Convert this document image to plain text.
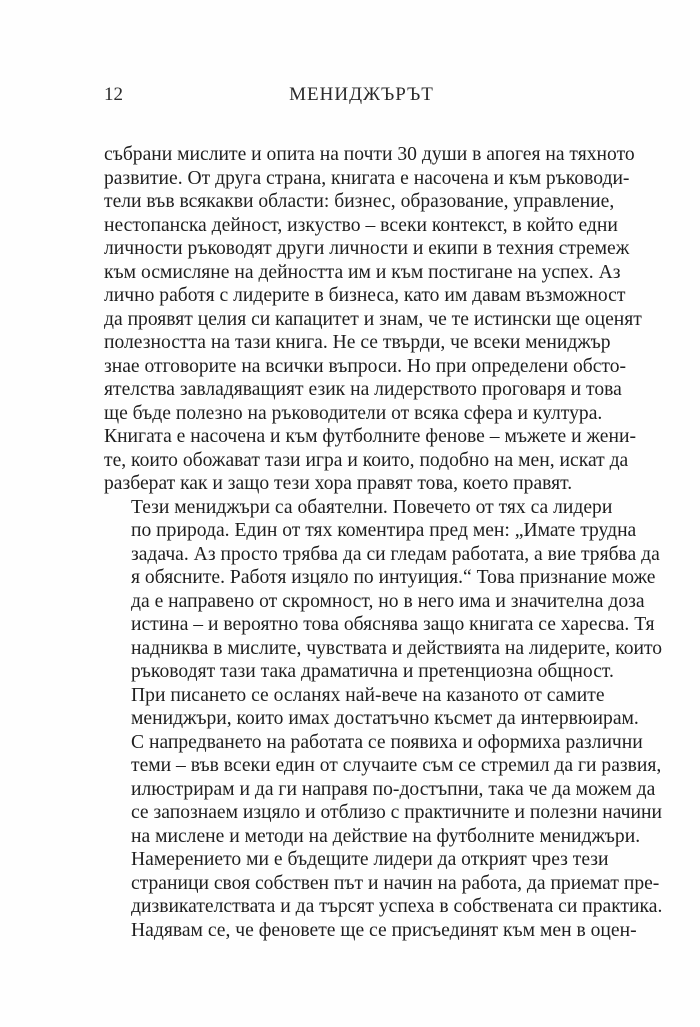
12	МЕНИДЖЪРЪТ

събрани мислите и опита на почти 30 души в апогея на тяхното
развитие. От друга страна, книгата е насочена и към ръководи-
тели във всякакви области: бизнес, образование, управление,
нестопанска дейност, изкуство – всеки контекст, в който едни
личности ръководят други личности и екипи в техния стремеж
към осмисляне на дейността им и към постигане на успех. Аз
лично работя с лидерите в бизнеса, като им давам възможност
да проявят целия си капацитет и знам, че те истински ще оценят
полезността на тази книга. Не се твърди, че всеки мениджър
знае отговорите на всички въпроси. Но при определени обсто-
ятелства завладяващият език на лидерството проговаря и това
ще бъде полезно на ръководители от всяка сфера и култура.
Книгата е насочена и към футболните фенове – мъжете и жени-
те, които обожават тази игра и които, подобно на мен, искат да
разберат как и защо тези хора правят това, което правят.

Тези мениджъри са обаятелни. Повечето от тях са лидери
по природа. Един от тях коментира пред мен: „Имате трудна
задача. Аз просто трябва да си гледам работата, а вие трябва да
я обясните. Работя изцяло по интуиция.“ Това признание може
да е направено от скромност, но в него има и значителна доза
истина – и вероятно това обяснява защо книгата се харесва. Тя
надниква в мислите, чувствата и действията на лидерите, които
ръководят тази така драматична и претенциозна общност.

При писането се осланях най-вече на казаното от самите
мениджъри, които имах достатъчно късмет да интервюирам.
С напредването на работата се появиха и оформиха различни
теми – във всеки един от случаите съм се стремил да ги развия,
илюстрирам и да ги направя по-достъпни, така че да можем да
се запознаем изцяло и отблизо с практичните и полезни начини
на мислене и методи на действие на футболните мениджъри.

Намерението ми е бъдещите лидери да открият чрез тези
страници своя собствен път и начин на работа, да приемат пре-
дизвикателствата и да търсят успеха в собствената си практика.
Надявам се, че феновете ще се присъединят към мен в оцен-
